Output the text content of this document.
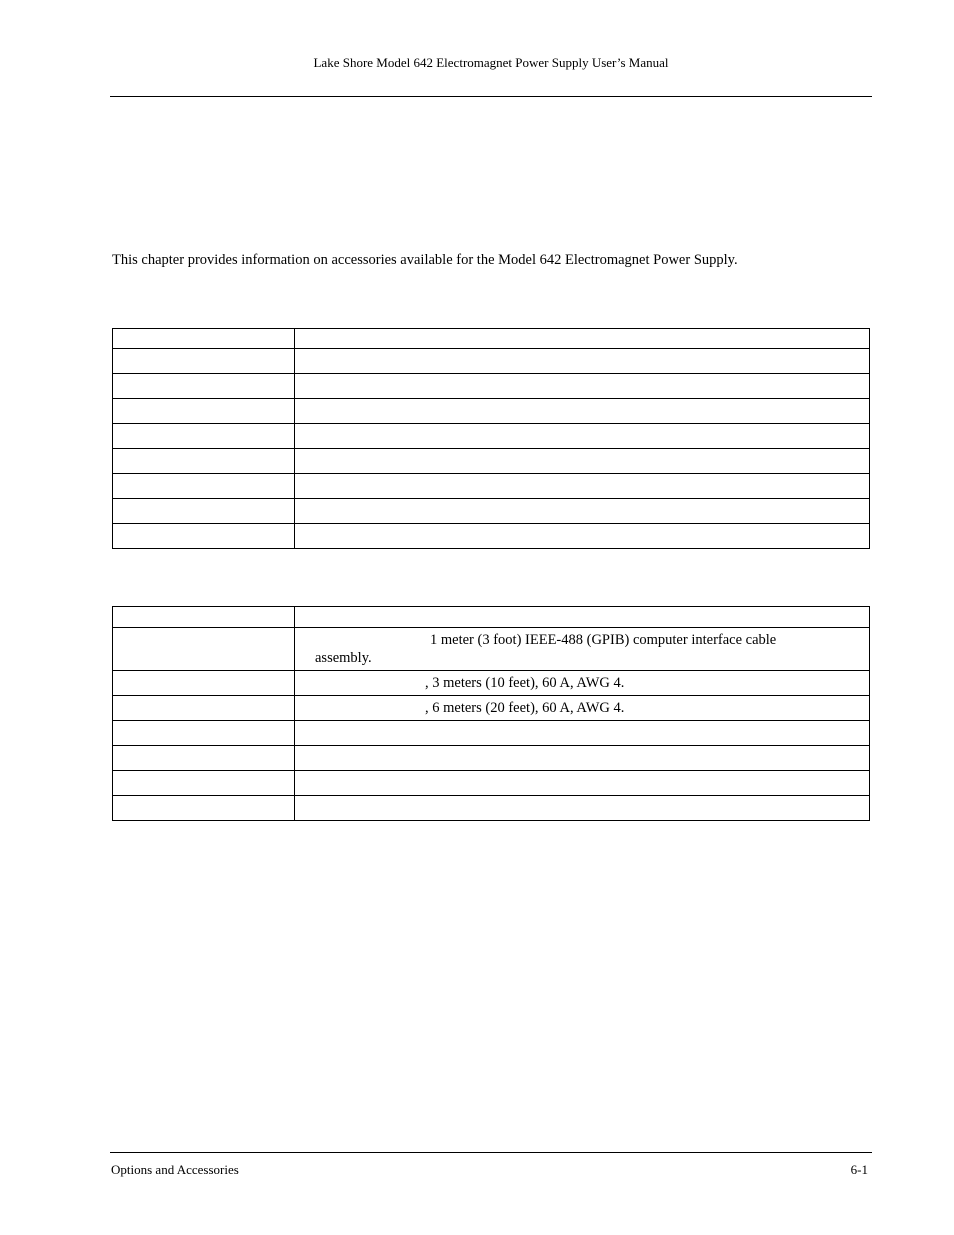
Lake Shore Model 642 Electromagnet Power Supply User’s Manual
This chapter provides information on accessories available for the Model 642 Electromagnet Power Supply.

	1 meter (3 foot) IEEE-488 (GPIB) computer interface cable
assembly.

	, 3 meters (10 feet), 60 A, AWG 4.

	, 6 meters (20 feet), 60 A, AWG 4.

Options and Accessories	6-1
